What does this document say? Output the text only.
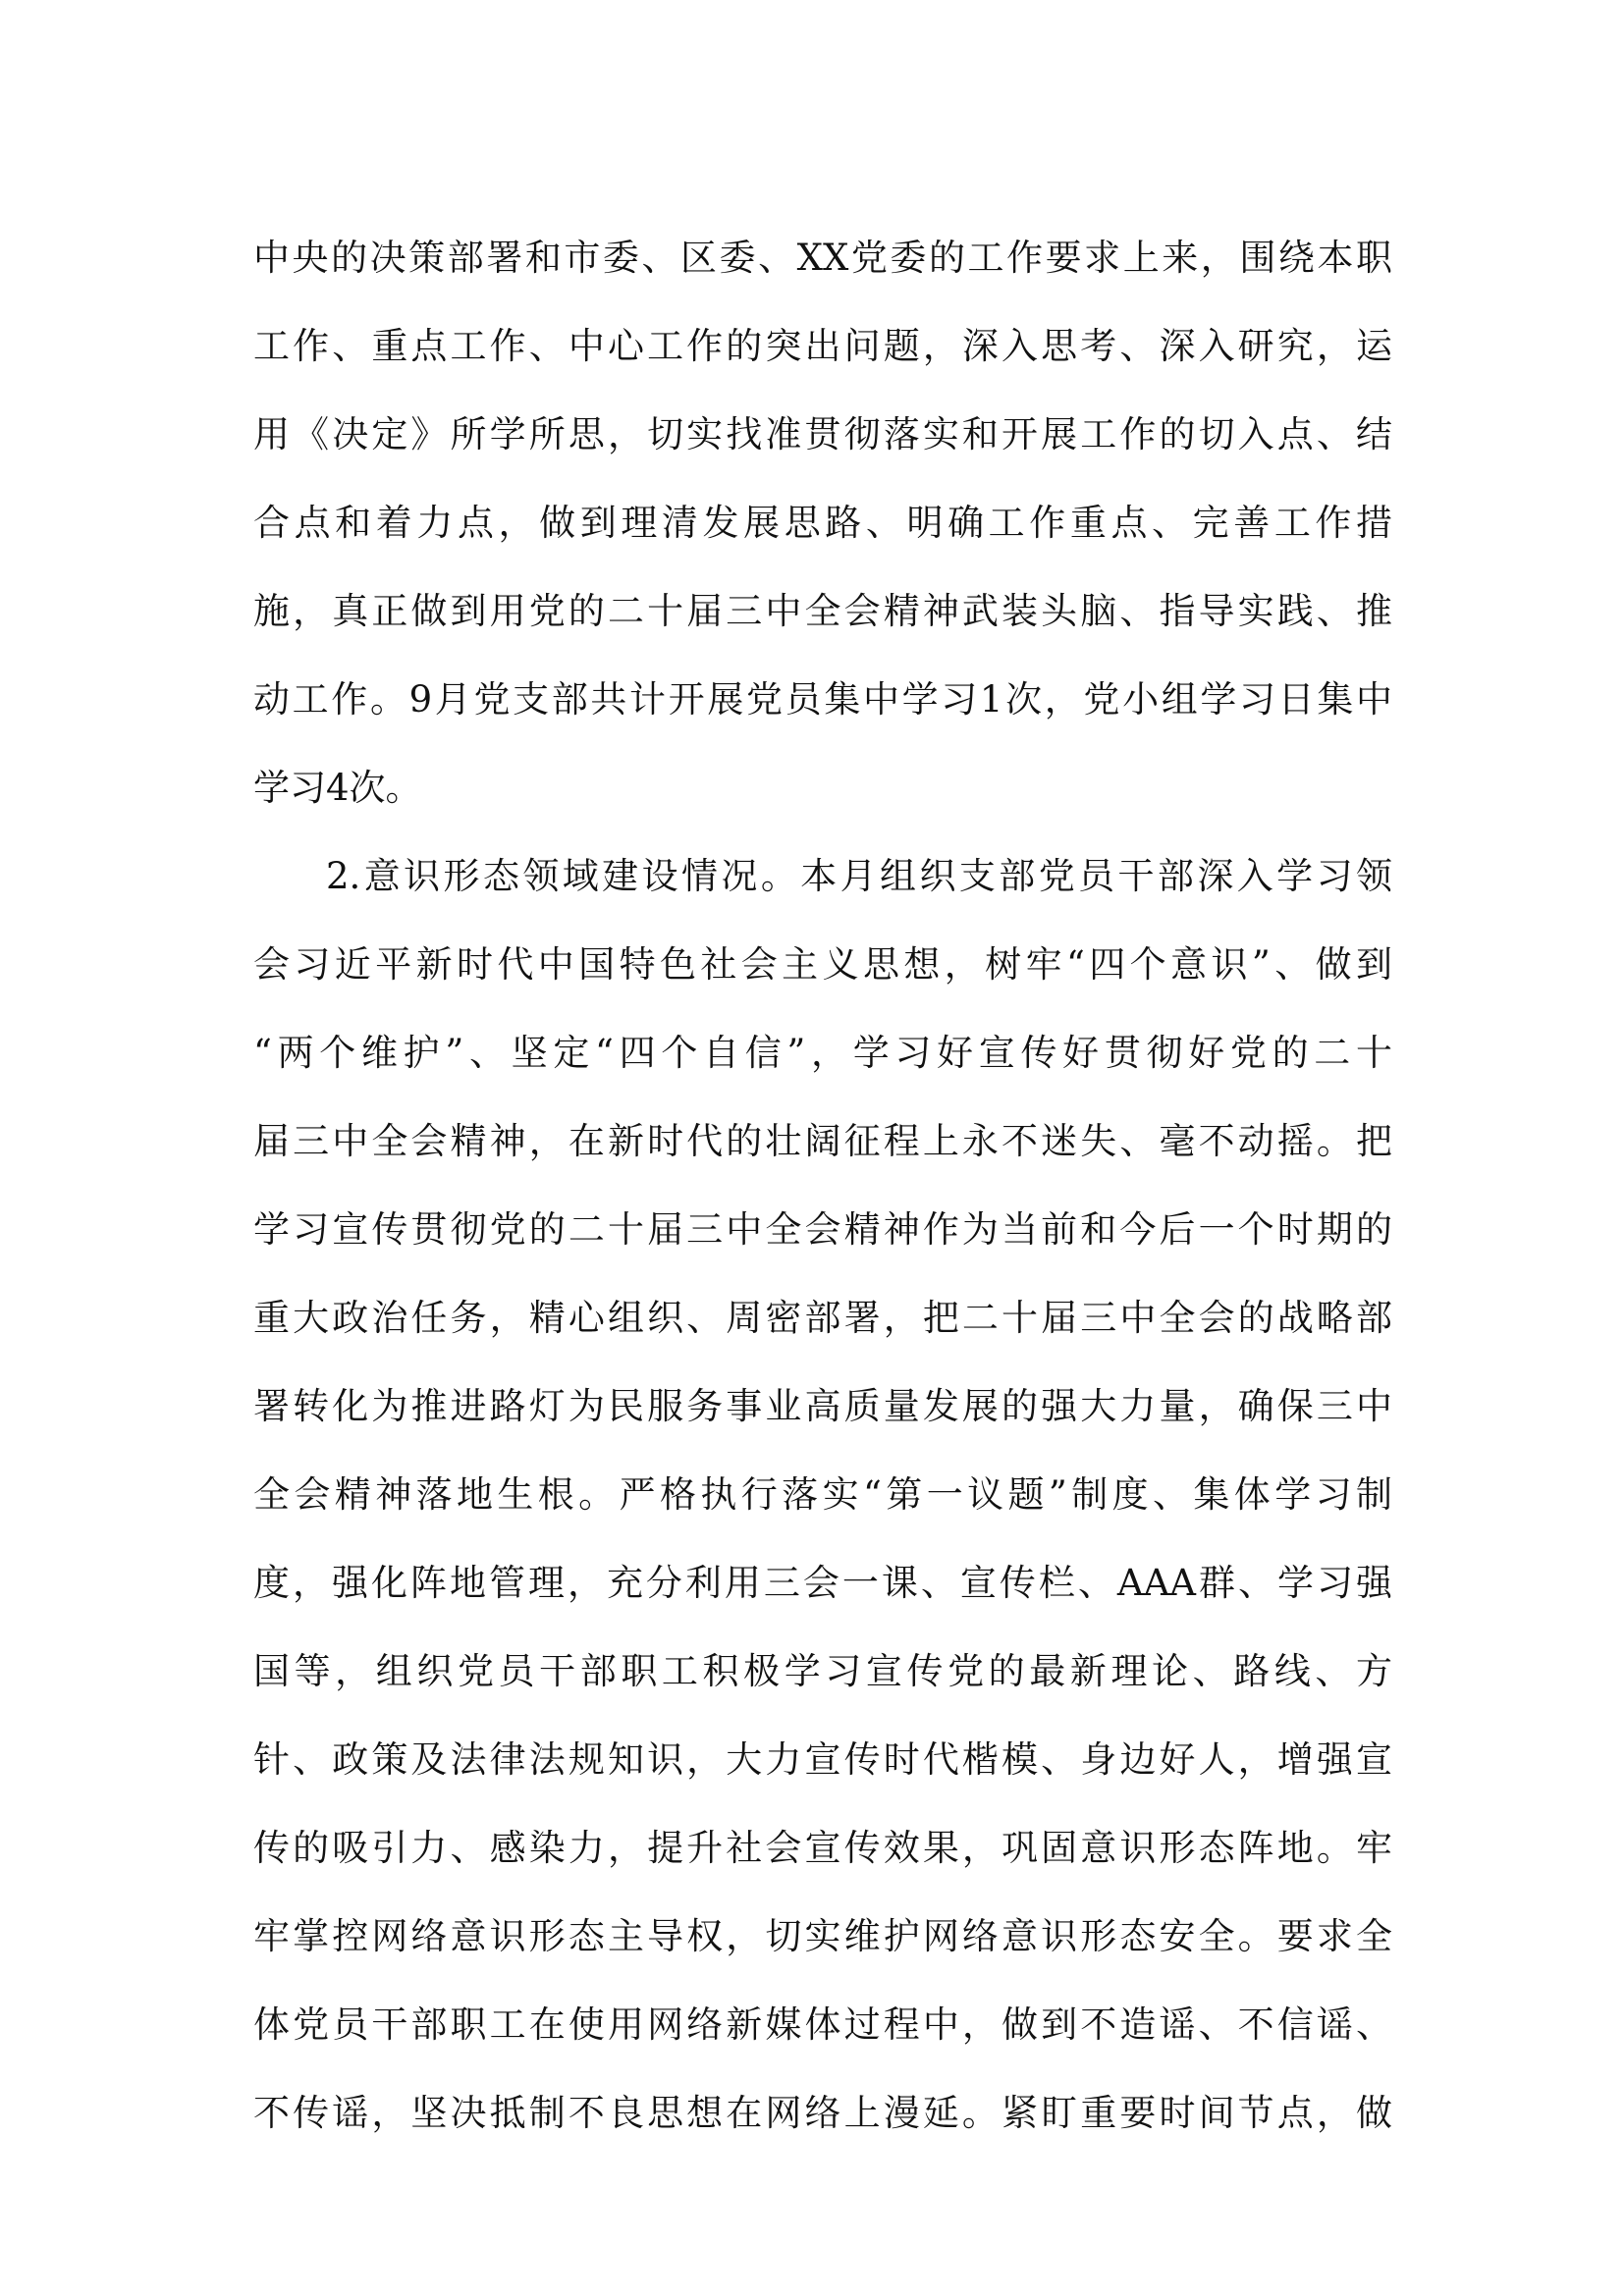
中央的决策部署和市委、区委、XX党委的工作要求上来，围绕本职
工作、重点工作、中心工作的突出问题，深入思考、深入研究，运
用《决定》所学所思，切实找准贯彻落实和开展工作的切入点、结
合点和着力点，做到理清发展思路、明确工作重点、完善工作措
施，真正做到用党的二十届三中全会精神武装头脑、指导实践、推
动工作。9月党支部共计开展党员集中学习1次，党小组学习日集中
学习4次。
2.意识形态领域建设情况。本月组织支部党员干部深入学习领
会习近平新时代中国特色社会主义思想，树牢“四个意识”、做到
“两个维护”、坚定“四个自信”，学习好宣传好贯彻好党的二十
届三中全会精神，在新时代的壮阔征程上永不迷失、毫不动摇。把
学习宣传贯彻党的二十届三中全会精神作为当前和今后一个时期的
重大政治任务，精心组织、周密部署，把二十届三中全会的战略部
署转化为推进路灯为民服务事业高质量发展的强大力量，确保三中
全会精神落地生根。严格执行落实“第一议题”制度、集体学习制
度，强化阵地管理，充分利用三会一课、宣传栏、AAA群、学习强
国等，组织党员干部职工积极学习宣传党的最新理论、路线、方
针、政策及法律法规知识，大力宣传时代楷模、身边好人，增强宣
传的吸引力、感染力，提升社会宣传效果，巩固意识形态阵地。牢
牢掌控网络意识形态主导权，切实维护网络意识形态安全。要求全
体党员干部职工在使用网络新媒体过程中，做到不造谣、不信谣、
不传谣，坚决抵制不良思想在网络上漫延。紧盯重要时间节点，做
